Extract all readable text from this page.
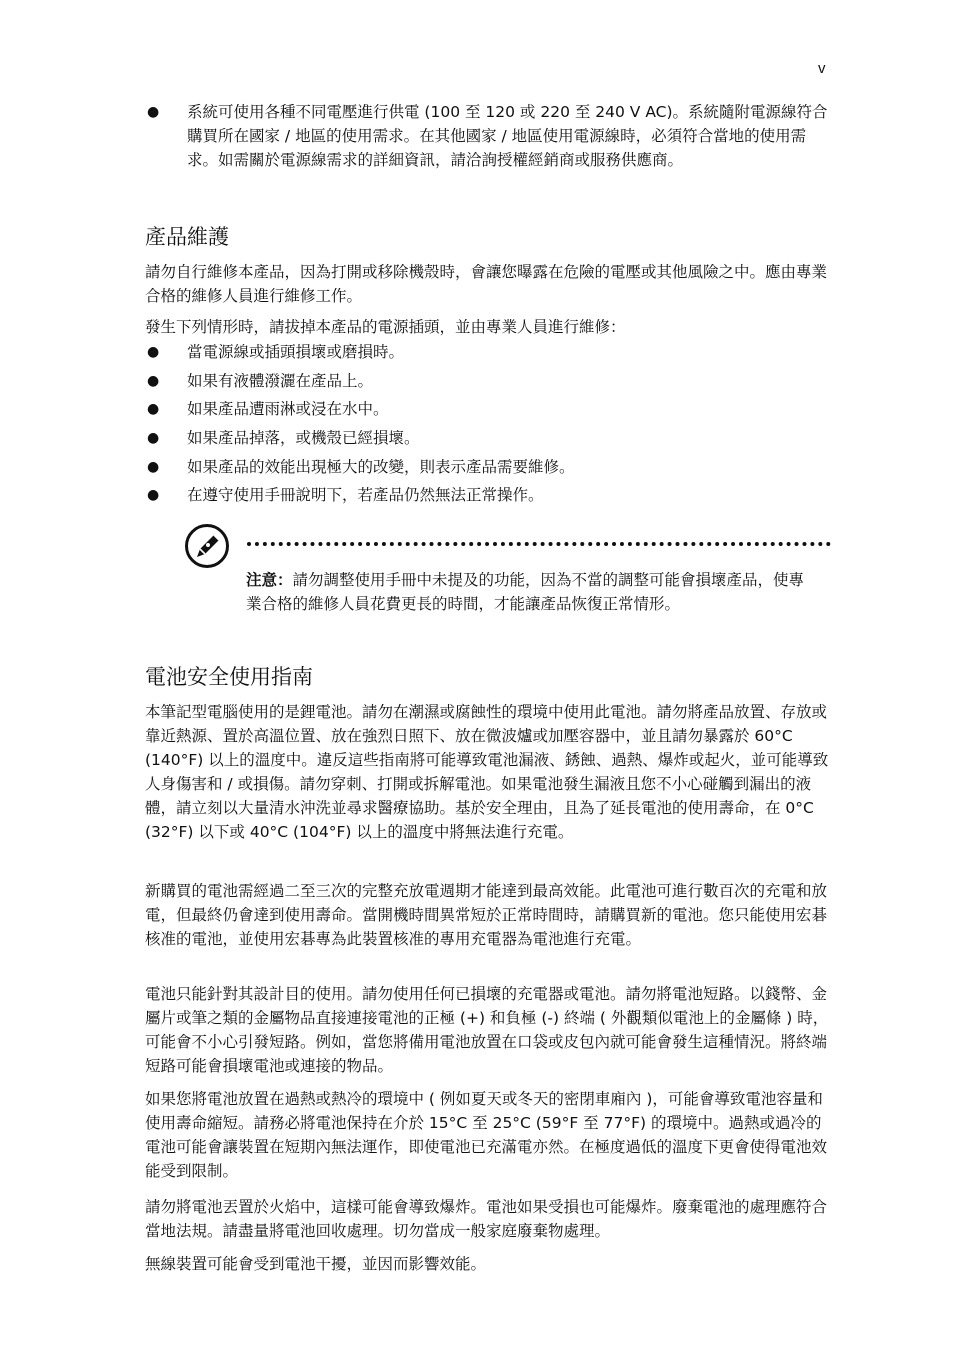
v
● 系統可使用各種不同電壓進行供電 (100 至 120 或 220 至 240 V AC)。系統隨附電源線符合購買所在國家 / 地區的使用需求。在其他國家 / 地區使用電源線時，必須符合當地的使用需求。如需關於電源線需求的詳細資訊，請洽詢授權經銷商或服務供應商。
產品維護

請勿自行維修本產品，因為打開或移除機殼時，會讓您曝露在危險的電壓或其他風險之中。應由專業合格的維修人員進行維修工作。

發生下列情形時，請拔掉本產品的電源插頭，並由專業人員進行維修：

● 當電源線或插頭損壞或磨損時。
● 如果有液體潑灑在產品上。
● 如果產品遭雨淋或浸在水中。
● 如果產品掉落，或機殼已經損壞。
● 如果產品的效能出現極大的改變，則表示產品需要維修。
● 在遵守使用手冊說明下，若產品仍然無法正常操作。
注意：請勿調整使用手冊中未提及的功能，因為不當的調整可能會損壞產品，使專業合格的維修人員花費更長的時間，才能讓產品恢復正常情形。
電池安全使用指南

本筆記型電腦使用的是鋰電池。請勿在潮濕或腐蝕性的環境中使用此電池。請勿將產品放置、存放或靠近熱源、置於高溫位置、放在強烈日照下、放在微波爐或加壓容器中，並且請勿暴露於 60°C (140°F) 以上的溫度中。違反這些指南將可能導致電池漏液、銹蝕、過熱、爆炸或起火，並可能導致人身傷害和 / 或損傷。請勿穿刺、打開或拆解電池。如果電池發生漏液且您不小心碰觸到漏出的液體，請立刻以大量清水沖洗並尋求醫療協助。基於安全理由，且為了延長電池的使用壽命，在 0°C (32°F) 以下或 40°C (104°F) 以上的溫度中將無法進行充電。

新購買的電池需經過二至三次的完整充放電週期才能達到最高效能。此電池可進行數百次的充電和放電，但最終仍會達到使用壽命。當開機時間異常短於正常時間時，請購買新的電池。您只能使用宏碁核准的電池，並使用宏碁專為此裝置核准的專用充電器為電池進行充電。

電池只能針對其設計目的使用。請勿使用任何已損壞的充電器或電池。請勿將電池短路。以錢幣、金屬片或筆之類的金屬物品直接連接電池的正極 (+) 和負極 (-) 終端 ( 外觀類似電池上的金屬條 ) 時，可能會不小心引發短路。例如，當您將備用電池放置在口袋或皮包內就可能會發生這種情況。將終端短路可能會損壞電池或連接的物品。

如果您將電池放置在過熱或熱冷的環境中 ( 例如夏天或冬天的密閉車廂內 )，可能會導致電池容量和使用壽命縮短。請務必將電池保持在介於 15°C 至 25°C (59°F 至 77°F) 的環境中。過熱或過冷的電池可能會讓裝置在短期內無法運作，即使電池已充滿電亦然。在極度過低的溫度下更會使得電池效能受到限制。

請勿將電池丟置於火焰中，這樣可能會導致爆炸。電池如果受損也可能爆炸。廢棄電池的處理應符合當地法規。請盡量將電池回收處理。切勿當成一般家庭廢棄物處理。

無線裝置可能會受到電池干擾，並因而影響效能。
